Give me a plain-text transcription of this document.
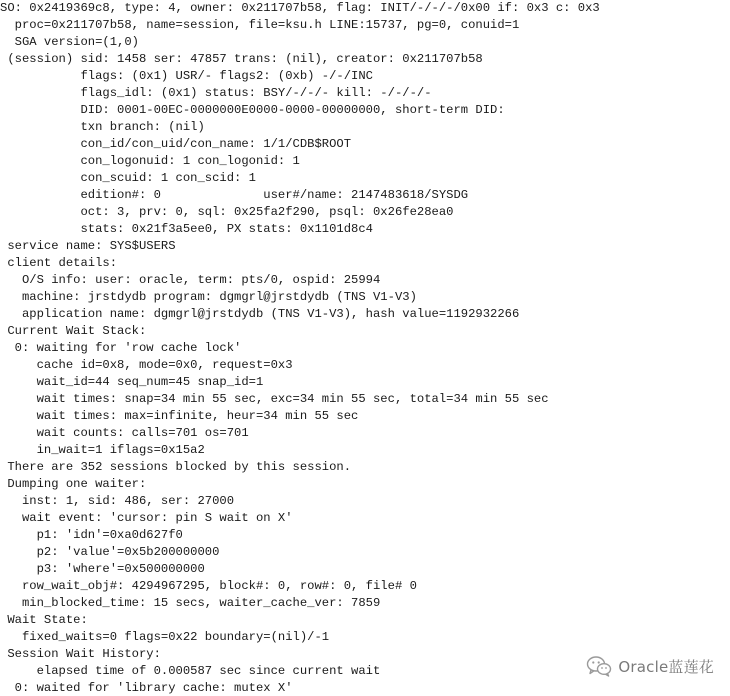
SO: 0x2419369c8, type: 4, owner: 0x211707b58, flag: INIT/-/-/-/0x00 if: 0x3 c: 0x3
proc=0x211707b58, name=session, file=ksu.h LINE:15737, pg=0, conuid=1
SGA version=(1,0)
(session) sid: 1458 ser: 47857 trans: (nil), creator: 0x211707b58
flags: (0x1) USR/- flags2: (0xb) -/-/INC
flags_idl: (0x1) status: BSY/-/-/- kill: -/-/-/-
DID: 0001-00EC-0000000E0000-0000-00000000, short-term DID:
txn branch: (nil)
con_id/con_uid/con_name: 1/1/CDB$ROOT
con_logonuid: 1 con_logonid: 1
con_scuid: 1 con_scid: 1
edition#: 0              user#/name: 2147483618/SYSDG
oct: 3, prv: 0, sql: 0x25fa2f290, psql: 0x26fe28ea0
stats: 0x21f3a5ee0, PX stats: 0x1101d8c4
service name: SYS$USERS
client details:
O/S info: user: oracle, term: pts/0, ospid: 25994
machine: jrstdydb program: dgmgrl@jrstdydb (TNS V1-V3)
application name: dgmgrl@jrstdydb (TNS V1-V3), hash value=1192932266
Current Wait Stack:
0: waiting for 'row cache lock'
cache id=0x8, mode=0x0, request=0x3
wait_id=44 seq_num=45 snap_id=1
wait times: snap=34 min 55 sec, exc=34 min 55 sec, total=34 min 55 sec
wait times: max=infinite, heur=34 min 55 sec
wait counts: calls=701 os=701
in_wait=1 iflags=0x15a2
There are 352 sessions blocked by this session.
Dumping one waiter:
inst: 1, sid: 486, ser: 27000
wait event: 'cursor: pin S wait on X'
p1: 'idn'=0xa0d627f0
p2: 'value'=0x5b200000000
p3: 'where'=0x500000000
row_wait_obj#: 4294967295, block#: 0, row#: 0, file# 0
min_blocked_time: 15 secs, waiter_cache_ver: 7859
Wait State:
fixed_waits=0 flags=0x22 boundary=(nil)/-1
Session Wait History:
elapsed time of 0.000587 sec since current wait
0: waited for 'library cache: mutex X'
Oracle蓝莲花
